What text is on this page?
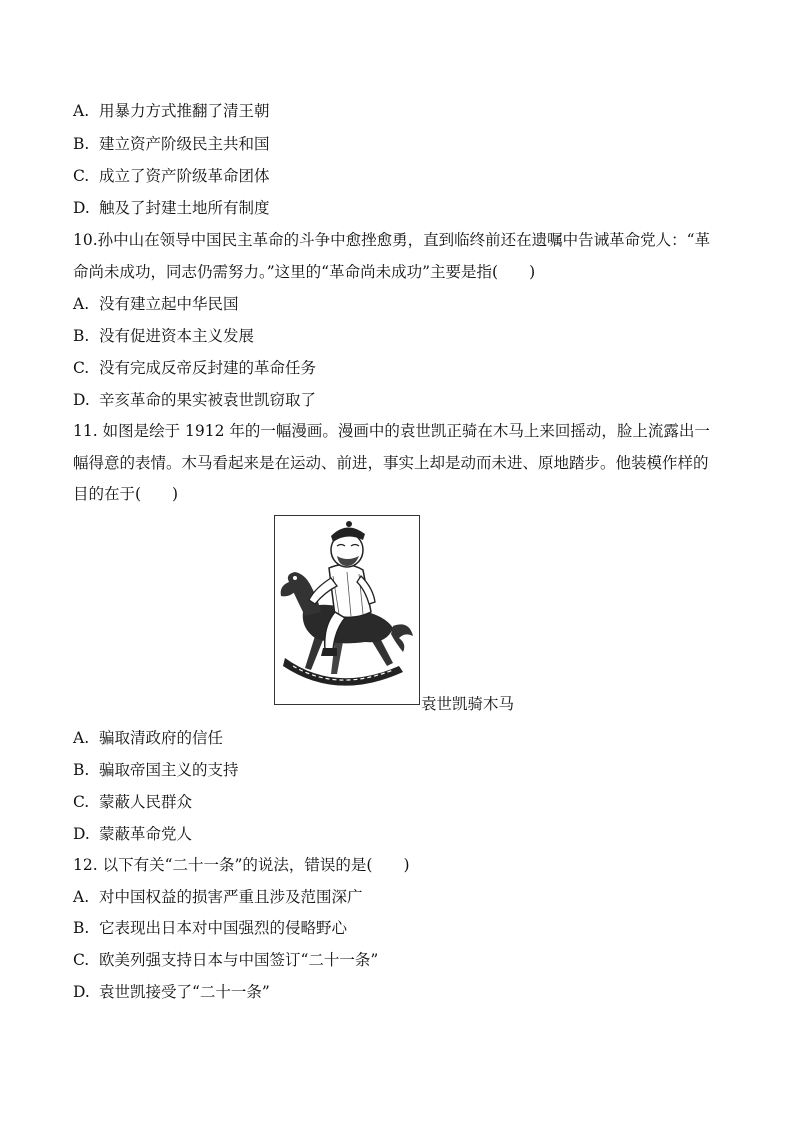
A. 用暴力方式推翻了清王朝
B. 建立资产阶级民主共和国
C. 成立了资产阶级革命团体
D. 触及了封建土地所有制度
10.孙中山在领导中国民主革命的斗争中愈挫愈勇，直到临终前还在遗嘱中告诫革命党人：“革
命尚未成功，同志仍需努力。”这里的“革命尚未成功”主要是指(　　)
A. 没有建立起中华民国
B. 没有促进资本主义发展
C. 没有完成反帝反封建的革命任务
D. 辛亥革命的果实被袁世凯窃取了
11. 如图是绘于 1912 年的一幅漫画。漫画中的袁世凯正骑在木马上来回摇动，脸上流露出一
幅得意的表情。木马看起来是在运动、前进，事实上却是动而未进、原地踏步。他装模作样的
目的在于(　　)
袁世凯骑木马
A. 骗取清政府的信任
B. 骗取帝国主义的支持
C. 蒙蔽人民群众
D. 蒙蔽革命党人
12. 以下有关“二十一条”的说法，错误的是(　　)
A. 对中国权益的损害严重且涉及范围深广
B. 它表现出日本对中国强烈的侵略野心
C. 欧美列强支持日本与中国签订“二十一条”
D. 袁世凯接受了“二十一条”
